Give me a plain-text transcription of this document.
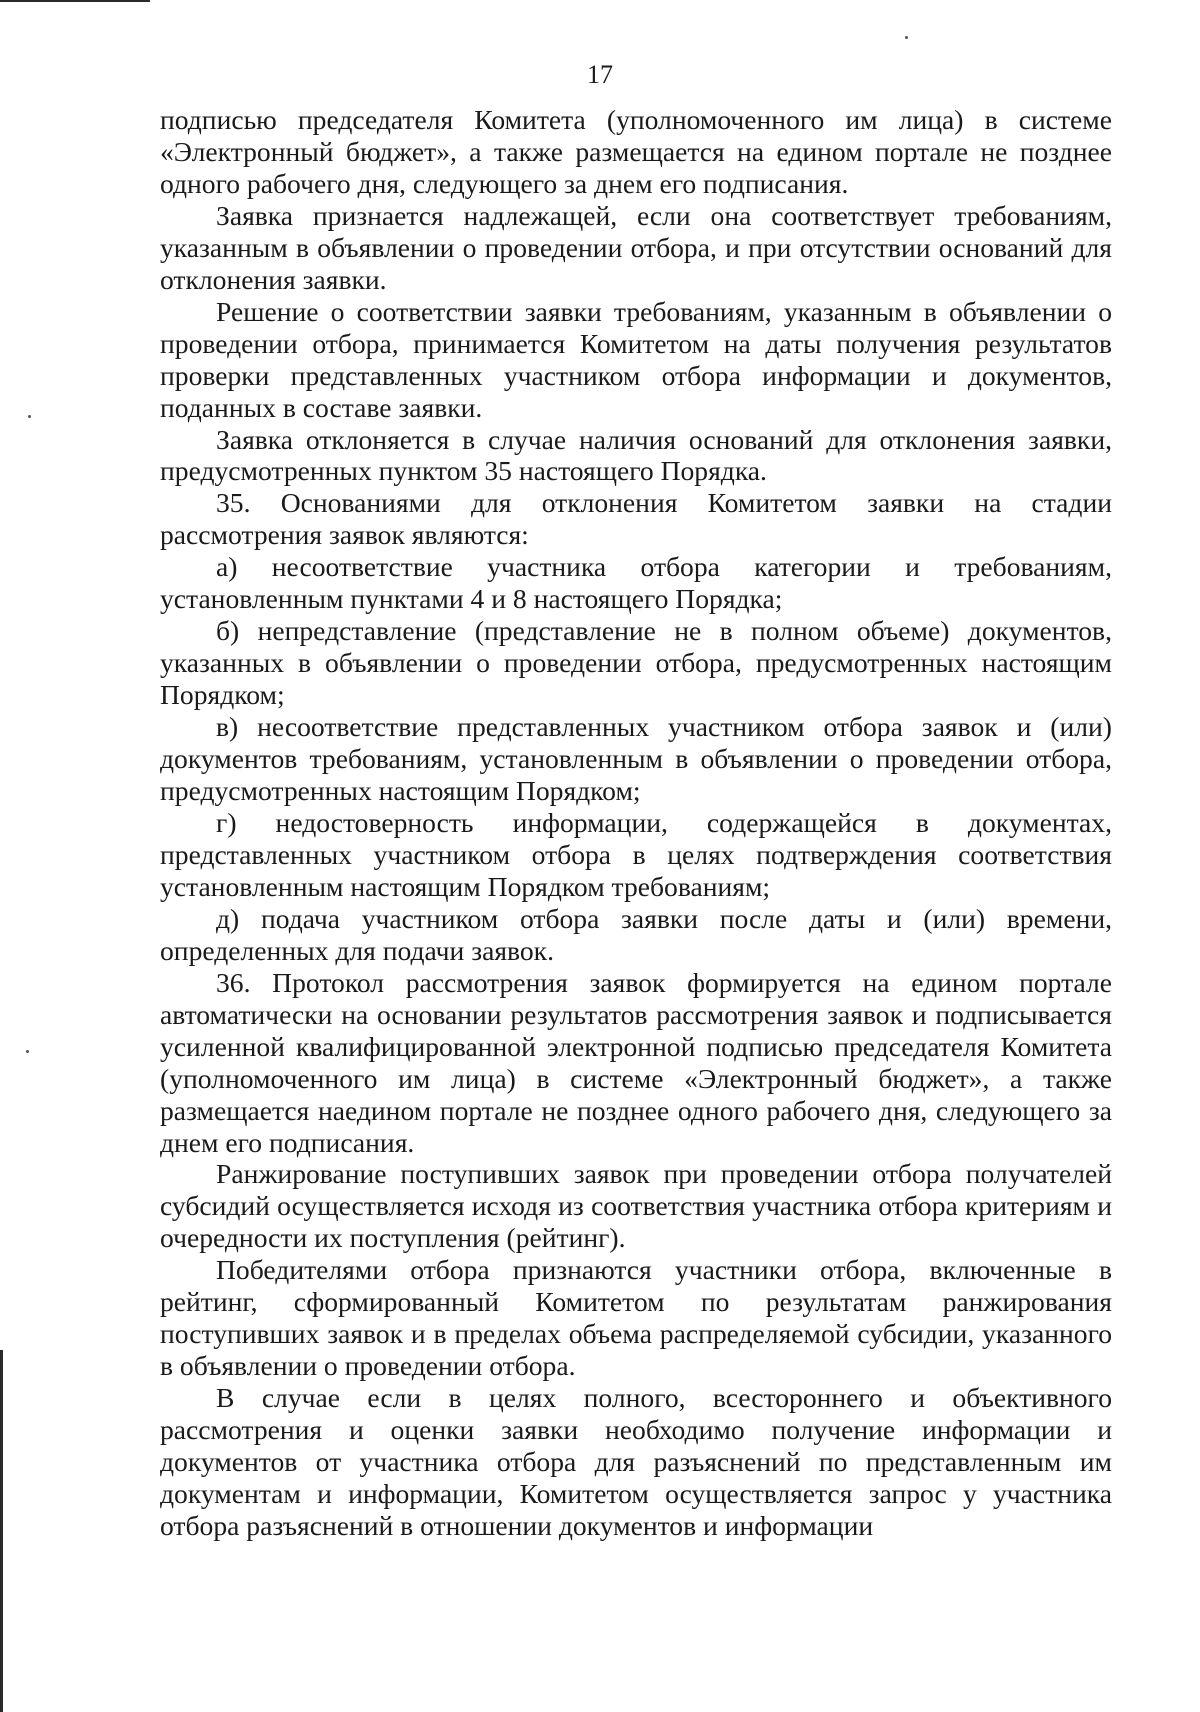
17

подписью председателя Комитета (уполномоченного им лица) в системе «Электронный бюджет», а также размещается на едином портале не позднее одного рабочего дня, следующего за днем его подписания.

Заявка признается надлежащей, если она соответствует требованиям, указанным в объявлении о проведении отбора, и при отсутствии оснований для отклонения заявки.

Решение о соответствии заявки требованиям, указанным в объявлении о проведении отбора, принимается Комитетом на даты получения результатов проверки представленных участником отбора информации и документов, поданных в составе заявки.

Заявка отклоняется в случае наличия оснований для отклонения заявки, предусмотренных пунктом 35 настоящего Порядка.

35. Основаниями для отклонения Комитетом заявки на стадии рассмотрения заявок являются:

а) несоответствие участника отбора категории и требованиям, установленным пунктами 4 и 8 настоящего Порядка;

б) непредставление (представление не в полном объеме) документов, указанных в объявлении о проведении отбора, предусмотренных настоящим Порядком;

в) несоответствие представленных участником отбора заявок и (или) документов требованиям, установленным в объявлении о проведении отбора, предусмотренных настоящим Порядком;

г) недостоверность информации, содержащейся в документах, представленных участником отбора в целях подтверждения соответствия установленным настоящим Порядком требованиям;

д) подача участником отбора заявки после даты и (или) времени, определенных для подачи заявок.

36. Протокол рассмотрения заявок формируется на едином портале автоматически на основании результатов рассмотрения заявок и подписывается усиленной квалифицированной электронной подписью председателя Комитета (уполномоченного им лица) в системе «Электронный бюджет», а также размещается наедином портале не позднее одного рабочего дня, следующего за днем его подписания.

Ранжирование поступивших заявок при проведении отбора получателей субсидий осуществляется исходя из соответствия участника отбора критериям и очередности их поступления (рейтинг).

Победителями отбора признаются участники отбора, включенные в рейтинг, сформированный Комитетом по результатам ранжирования поступивших заявок и в пределах объема распределяемой субсидии, указанного в объявлении о проведении отбора.

В случае если в целях полного, всестороннего и объективного рассмотрения и оценки заявки необходимо получение информации и документов от участника отбора для разъяснений по представленным им документам и информации, Комитетом осуществляется запрос у участника отбора разъяснений в отношении документов и информации
